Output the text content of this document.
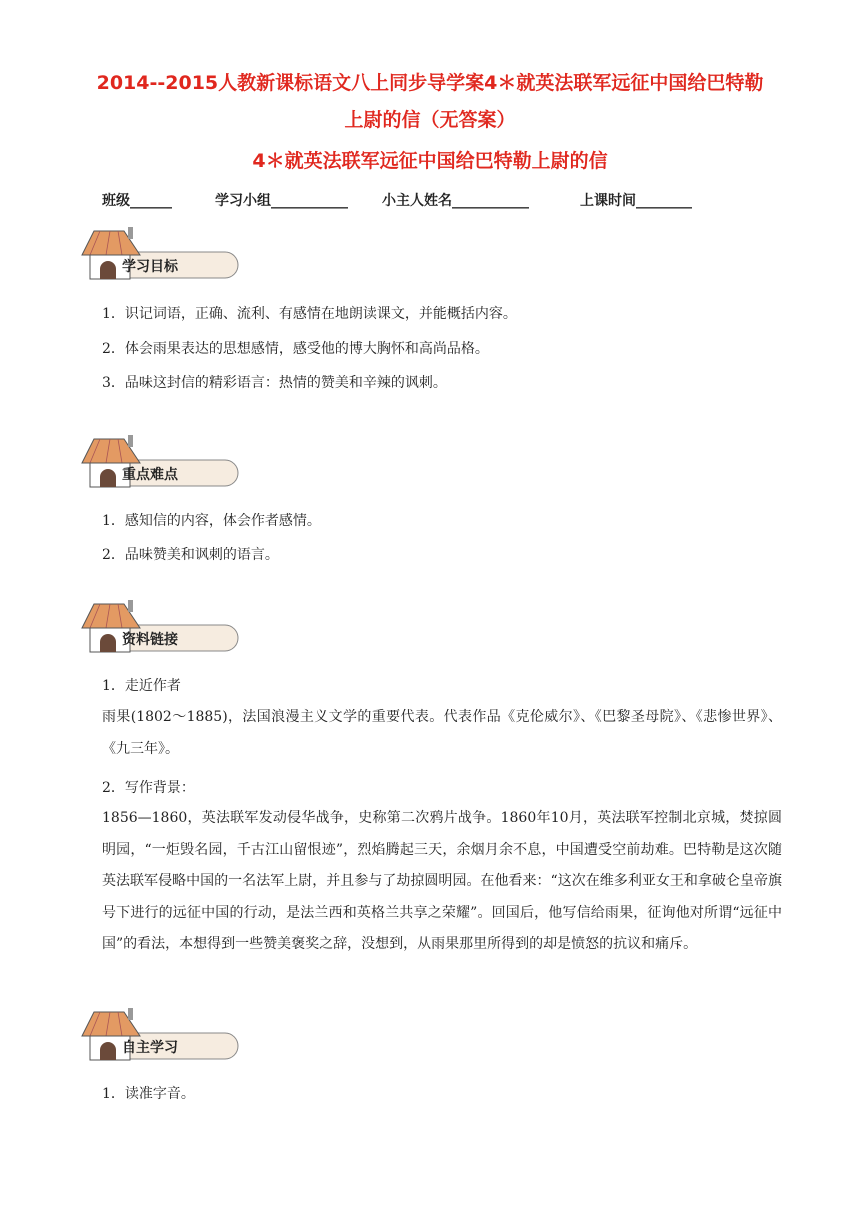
2014--2015人教新课标语文八上同步导学案4＊就英法联军远征中国给巴特勒
上尉的信（无答案）
4＊就英法联军远征中国给巴特勒上尉的信
班级______	学习小组___________ 小主人姓名___________	上课时间________
学习目标
1．识记词语，正确、流利、有感情在地朗读课文，并能概括内容。
2．体会雨果表达的思想感情，感受他的博大胸怀和高尚品格。
3．品味这封信的精彩语言：热情的赞美和辛辣的讽刺。
重点难点
1．感知信的内容，体会作者感情。
2．品味赞美和讽刺的语言。
资料链接
1．走近作者
雨果(1802～1885)，法国浪漫主义文学的重要代表。代表作品《克伦威尔》、《巴黎圣母院》、《悲惨世界》、《九三年》。
2．写作背景：
1856—1860，英法联军发动侵华战争，史称第二次鸦片战争。1860年10月，英法联军控制北京城，焚掠圆明园，“一炬毁名园，千古江山留恨迹”，烈焰腾起三天，余烟月余不息，中国遭受空前劫难。巴特勒是这次随英法联军侵略中国的一名法军上尉，并且参与了劫掠圆明园。在他看来：“这次在维多利亚女王和拿破仑皇帝旗号下进行的远征中国的行动，是法兰西和英格兰共享之荣耀”。回国后，他写信给雨果，征询他对所谓“远征中国”的看法，本想得到一些赞美褒奖之辞，没想到，从雨果那里所得到的却是愤怒的抗议和痛斥。
自主学习
1．读准字音。
